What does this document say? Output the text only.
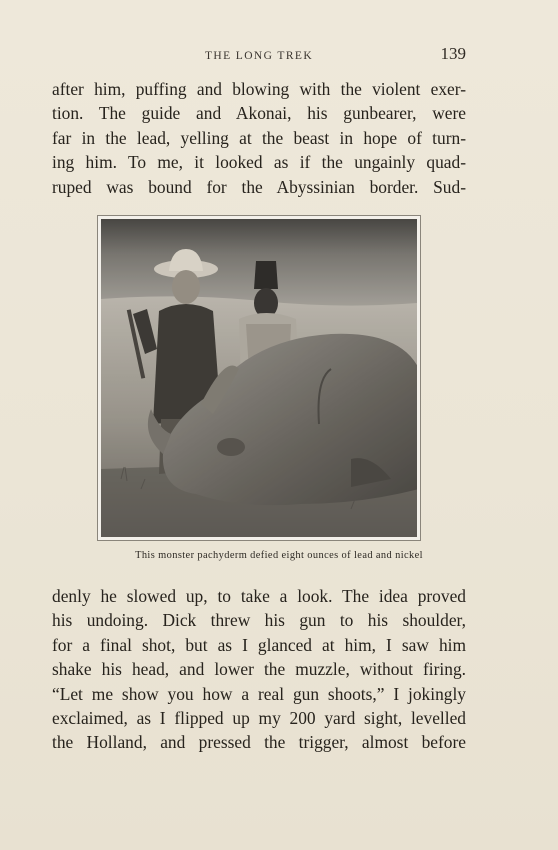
THE LONG TREK	139

after him, puffing and blowing with the violent exer-
tion. The guide and Akonai, his gunbearer, were
far in the lead, yelling at the beast in hope of turn-
ing him. To me, it looked as if the ungainly quad-
ruped was bound for the Abyssinian border. Sud-

This monster pachyderm defied eight ounces of lead and nickel

denly he slowed up, to take a look. The idea proved
his undoing. Dick threw his gun to his shoulder,
for a final shot, but as I glanced at him, I saw him
shake his head, and lower the muzzle, without firing.
“Let me show you how a real gun shoots,” I jokingly
exclaimed, as I flipped up my 200 yard sight, levelled
the Holland, and pressed the trigger, almost before
